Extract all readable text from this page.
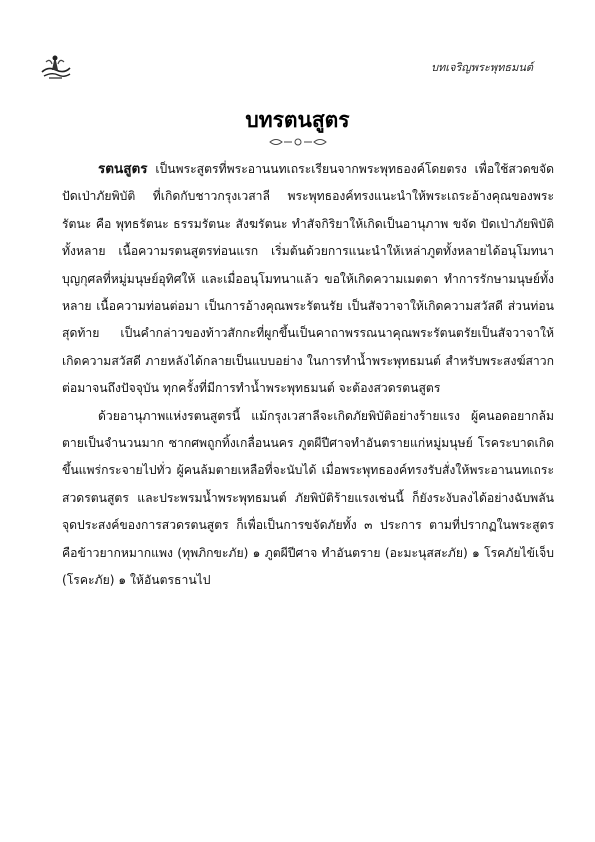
บทเจริญพระพุทธมนต์
บทรตนสูตร

รตนสูตร เป็นพระสูตรที่พระอานนทเถระเรียนจากพระพุทธองค์โดยตรง เพื่อใช้สวดขจัดปัดเป่าภัยพิบัติ ที่เกิดกับชาวกรุงเวสาลี พระพุทธองค์ทรงแนะนำให้พระเถระอ้างคุณของพระรัตนะ คือ พุทธรัตนะ ธรรมรัตนะ สังฆรัตนะ ทำสัจกิริยาให้เกิดเป็นอานุภาพ ขจัด ปัดเป่าภัยพิบัติทั้งหลาย เนื้อความรตนสูตรท่อนแรก เริ่มต้นด้วยการแนะนำให้เหล่าภูตทั้งหลายได้อนุโมทนาบุญกุศลที่หมู่มนุษย์อุทิศให้ และเมื่ออนุโมทนาแล้ว ขอให้เกิดความเมตตา ทำการรักษามนุษย์ทั้งหลาย เนื้อความท่อนต่อมา เป็นการอ้างคุณพระรัตนรัย เป็นสัจวาจาให้เกิดความสวัสดี ส่วนท่อนสุดท้าย เป็นคำกล่าวของท้าวสักกะที่ผูกขึ้นเป็นคาถาพรรณนาคุณพระรัตนตรัยเป็นสัจวาจาให้เกิดความสวัสดี ภายหลังได้กลายเป็นแบบอย่าง ในการทำน้ำพระพุทธมนต์ สำหรับพระสงฆ์สาวก ต่อมาจนถึงปัจจุบัน ทุกครั้งที่มีการทำน้ำพระพุทธมนต์ จะต้องสวดรตนสูตร

ด้วยอานุภาพแห่งรตนสูตรนี้ แม้กรุงเวสาลีจะเกิดภัยพิบัติอย่างร้ายแรง ผู้คนอดอยากล้มตายเป็นจำนวนมาก ซากศพถูกทิ้งเกลื่อนนคร ภูตผีปีศาจทำอันตรายแก่หมู่มนุษย์ โรคระบาดเกิดขึ้นแพร่กระจายไปทั่ว ผู้คนล้มตายเหลือที่จะนับได้ เมื่อพระพุทธองค์ทรงรับสั่งให้พระอานนทเถระสวดรตนสูตร และประพรมน้ำพระพุทธมนต์ ภัยพิบัติร้ายแรงเช่นนี้ ก็ยังระงับลงได้อย่างฉับพลัน จุดประสงค์ของการสวดรตนสูตร ก็เพื่อเป็นการขจัดภัยทั้ง ๓ ประการ ตามที่ปรากฏในพระสูตร คือข้าวยากหมากแพง (ทุพภิกขะภัย) ๑ ภูตผีปีศาจ ทำอันตราย (อะมะนุสสะภัย) ๑ โรคภัยไข้เจ็บ (โรคะภัย) ๑ ให้อันตรธานไป
